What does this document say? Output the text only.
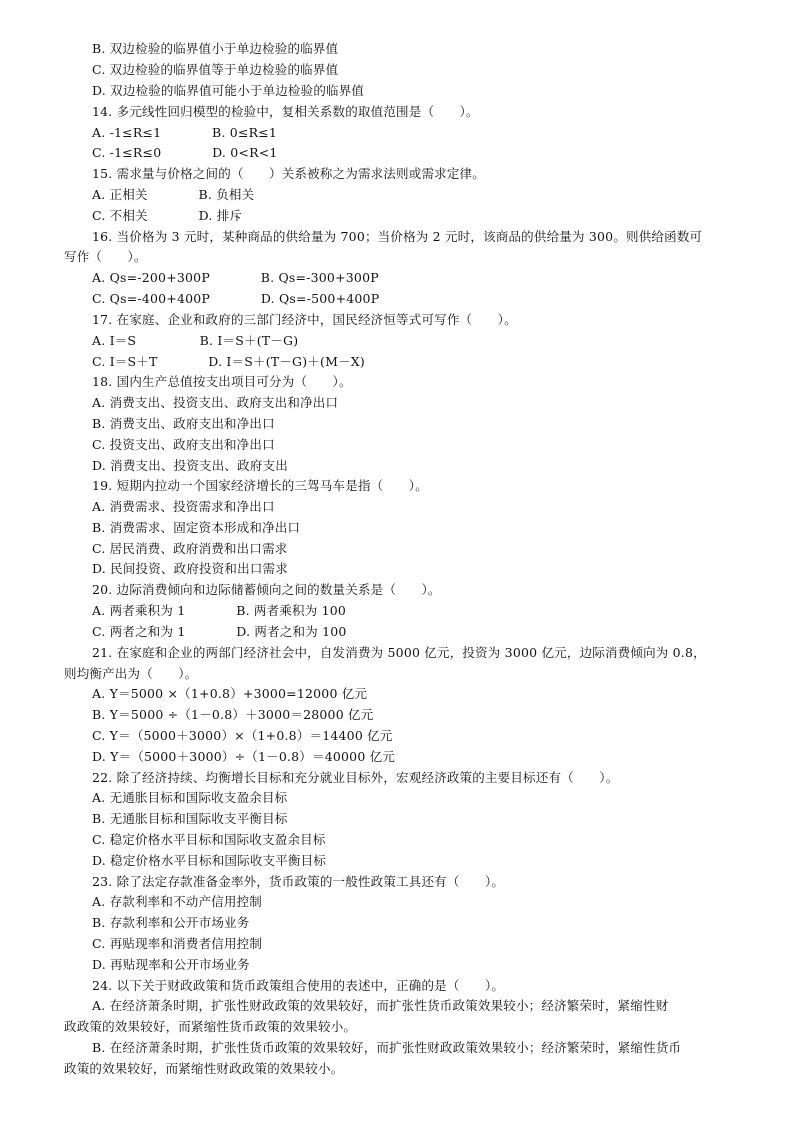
B. 双边检验的临界值小于单边检验的临界值
C. 双边检验的临界值等于单边检验的临界值
D. 双边检验的临界值可能小于单边检验的临界值
14. 多元线性回归模型的检验中，复相关系数的取值范围是（　　）。
A. -1≤R≤1　　　　B. 0≤R≤1
C. -1≤R≤0　　　　D. 0<R<1
15. 需求量与价格之间的（　　）关系被称之为需求法则或需求定律。
A. 正相关　　　　B. 负相关
C. 不相关　　　　D. 排斥
16. 当价格为 3 元时，某种商品的供给量为 700；当价格为 2 元时，该商品的供给量为 300。则供给函数可
写作（　　）。
A. Qs=-200+300P　　　　B. Qs=-300+300P
C. Qs=-400+400P　　　　D. Qs=-500+400P
17. 在家庭、企业和政府的三部门经济中，国民经济恒等式可写作（　　）。
A. I＝S　　　　　B. I＝S＋(T－G)
C. I＝S＋T　　　　D. I＝S＋(T－G)＋(M－X)
18. 国内生产总值按支出项目可分为（　　）。
A. 消费支出、投资支出、政府支出和净出口
B. 消费支出、政府支出和净出口
C. 投资支出、政府支出和净出口
D. 消费支出、投资支出、政府支出
19. 短期内拉动一个国家经济增长的三驾马车是指（　　）。
A. 消费需求、投资需求和净出口
B. 消费需求、固定资本形成和净出口
C. 居民消费、政府消费和出口需求
D. 民间投资、政府投资和出口需求
20. 边际消费倾向和边际储蓄倾向之间的数量关系是（　　）。
A. 两者乘积为 1　　　　B. 两者乘积为 100
C. 两者之和为 1　　　　D. 两者之和为 100
21. 在家庭和企业的两部门经济社会中，自发消费为 5000 亿元，投资为 3000 亿元，边际消费倾向为 0.8，
则均衡产出为（　　）。
A. Y＝5000 ×（1+0.8）+3000=12000 亿元
B. Y＝5000 ÷（1－0.8）＋3000＝28000 亿元
C. Y＝（5000＋3000）×（1+0.8）＝14400 亿元
D. Y＝（5000＋3000）÷（1－0.8）＝40000 亿元
22. 除了经济持续、均衡增长目标和充分就业目标外，宏观经济政策的主要目标还有（　　）。
A. 无通胀目标和国际收支盈余目标
B. 无通胀目标和国际收支平衡目标
C. 稳定价格水平目标和国际收支盈余目标
D. 稳定价格水平目标和国际收支平衡目标
23. 除了法定存款准备金率外，货币政策的一般性政策工具还有（　　）。
A. 存款利率和不动产信用控制
B. 存款利率和公开市场业务
C. 再贴现率和消费者信用控制
D. 再贴现率和公开市场业务
24. 以下关于财政政策和货币政策组合使用的表述中，正确的是（　　）。
A. 在经济萧条时期，扩张性财政政策的效果较好，而扩张性货币政策效果较小；经济繁荣时，紧缩性财
政政策的效果较好，而紧缩性货币政策的效果较小。
B. 在经济萧条时期，扩张性货币政策的效果较好，而扩张性财政政策效果较小；经济繁荣时，紧缩性货币
政策的效果较好，而紧缩性财政政策的效果较小。
